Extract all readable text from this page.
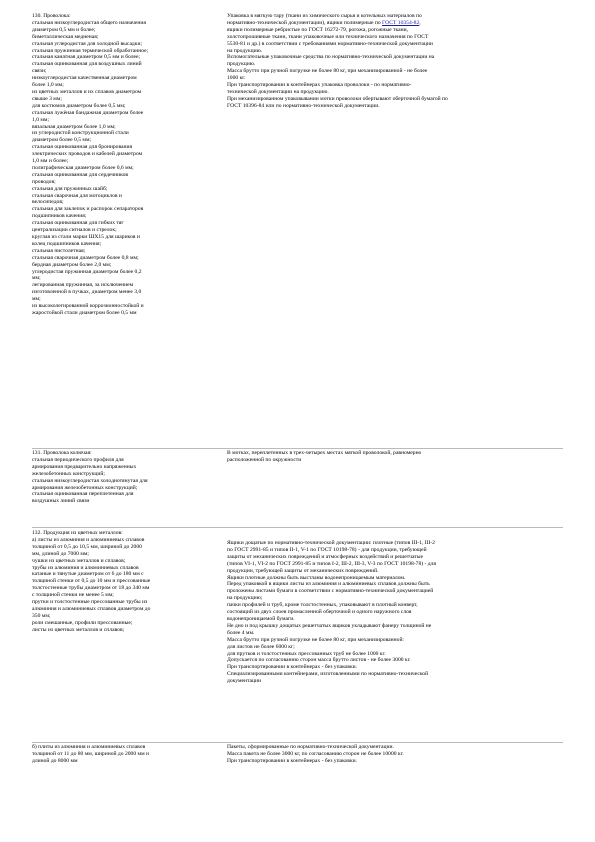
130. Проволока:
стальная низкоуглеродистая общего назначения
диаметром 0,5 мм и более;
биметаллическая медненая;
стальная углеродистая для холодной высадки;
стальная пружинная термической обработанное;
стальная канатная диаметром 0,5 мм и более;
стальная оцинкованная для воздушных линий
связи;
низкоуглеродистая качественная диаметром
более 1,0 мм;
из цветных металлов и их сплавов диаметром
свыше 3 мм;
для костюмов диаметром более 0,5 мм;
стальная лужёная бандажная диаметром более
1,0 мм;
вязальная диаметром более 1,0 мм;
из углеродистой конструкционной стали
диаметром более 0,5 мм;
стальная оцинкованная для бронирования
электрических проводов и кабелей диаметром
1,0 мм и более;
полиграфическая диаметром более 0,6 мм;
стальная оцинкованная для сердечников
проводов;
стальная для пружинных шайб;
стальная сварочная для мотоциклов и
велосипедов;
стальная для заклепок и распорок сепараторов
подшипников качения;
стальная оцинкованная для гибких тяг
централизации сигналов и стрелок;
круглая из стали марки ШХ15 для шариков и
колец подшипников качения;
стальная пистолетная;
стальная сварочная диаметром более 0,8 мм;
бердная диаметром более 2,0 мм;
углеродистая пружинная диаметром более 0,2
мм;
легированная пружинная, за исключением
изготовленной в пучках, диаметром менее 3,0
мм;
из высоколегированной коррозионностойкой и
жаростойкой стали диаметром более 0,5 мм
Упаковка в мягкую тару (ткани из химического сырья и котельных материалов по
нормативно-технической документации), ящики полимерные по ГОСТ 10354-82,
ящики полимерные ребристые по ГОСТ 16272-79, рогожа, рогожные ткани,
холстопрошивные ткани, ткани упаковочные или технического назначения по ГОСТ
5530-81 и др.) в соответствии с требованиями нормативно-технической документации
на продукцию.
Вспомогательные упаковочные средства по нормативно-технической документации на
продукцию.
Масса брутто при ручной погрузке не более 80 кг, при механизированной - не более
1000 кг.
При транспортировании в контейнерах упаковка проволоки - по нормативно-
технической документации на продукцию.
При механизированном упаковывании мотки проволоки обертывают оберточной бумагой по
ГОСТ 10396-84 или по нормативно-технической документации.
131. Проволока колючая:
стальная периодического профиля для
армирования предварительно напряженных
железобетонных конструкций;
стальная низкоуглеродистая холоднотянутая для
армирования железобетонных конструкций;
стальная оцинкованная переплетенная для
воздушных линий связи
В мотках, переплетенных в трех-четырех местах мягкой проволокой, равномерно
расположенной по окружности
132. Продукция из цветных металлов:
а) листы из алюминия и алюминиевых сплавов
толщиной от 0,5 до 10,5 мм, шириной до 2000
мм, длиной до 7000 мм;
чушки из цветных металлов и сплавов;
трубы из алюминия и алюминиевых сплавов
катаные и тянутые диаметром от 6 до 180 мм с
толщиной стенки от 0,5 до 10 мм и прессованные
толстостенные трубы диаметром от 18 до 340 мм
с толщиной стенки не менее 5 мм;
прутки и толстостенные прессованные трубы из
алюминия и алюминиевых сплавов диаметром до
350 мм;
роли смешанные, профили прессованные;
листы из цветных металлов и сплавов;
Ящики дощатые по нормативно-технической документации: плотные (типов III-1, III-2
по ГОСТ 2991-85 и типов II-1, V-1 по ГОСТ 10198-78) - для продукции, требующей
защиты от механических повреждений и атмосферных воздействий и решетчатые
(типов VI-1, VI-2 по ГОСТ 2991-85 и типов I-2, III-2, III-3, V-3 по ГОСТ 10198-78) - для
продукции, требующей защиты от механических повреждений.
Ящики плотные должны быть выстланы водонепроницаемым материалом.
Перед упаковкой в ящики листы из алюминия и алюминиевых сплавов должны быть
проложены листами бумаги в соответствии с нормативно-технической документацией
на продукцию;
пачки профилей и труб, кроме толстостенных, упаковывают в плотный конверт,
состоящий из двух слоев промасленной оберточной и одного наружного слоя
водонепроницаемой бумаги.
Не дно и под крышку дощатых решетчатых ящиков укладывают фанеру толщиной не
более 4 мм.
Масса брутто при ручной погрузке не более 80 кг, при механизированной:
для листов не более 6000 кг;
для прутков и толстостенных прессованных труб не более 1000 кг.
Допускается по согласованию сторон масса брутто листов - не более 3000 кг.
При транспортировании в контейнерах - без упаковки.
Специализированными контейнерами, изготовленными по нормативно-технической
документации
б) плиты из алюминия и алюминиевых сплавов
толщиной от 11 до 80 мм, шириной до 2000 мм и
длиной до 8000 мм
Пакеты, сформированные по нормативно-технической документации.
Масса пакета не более 3000 кг, по согласованию сторон не более 10000 кг.
При транспортировании в контейнерах - без упаковки.
